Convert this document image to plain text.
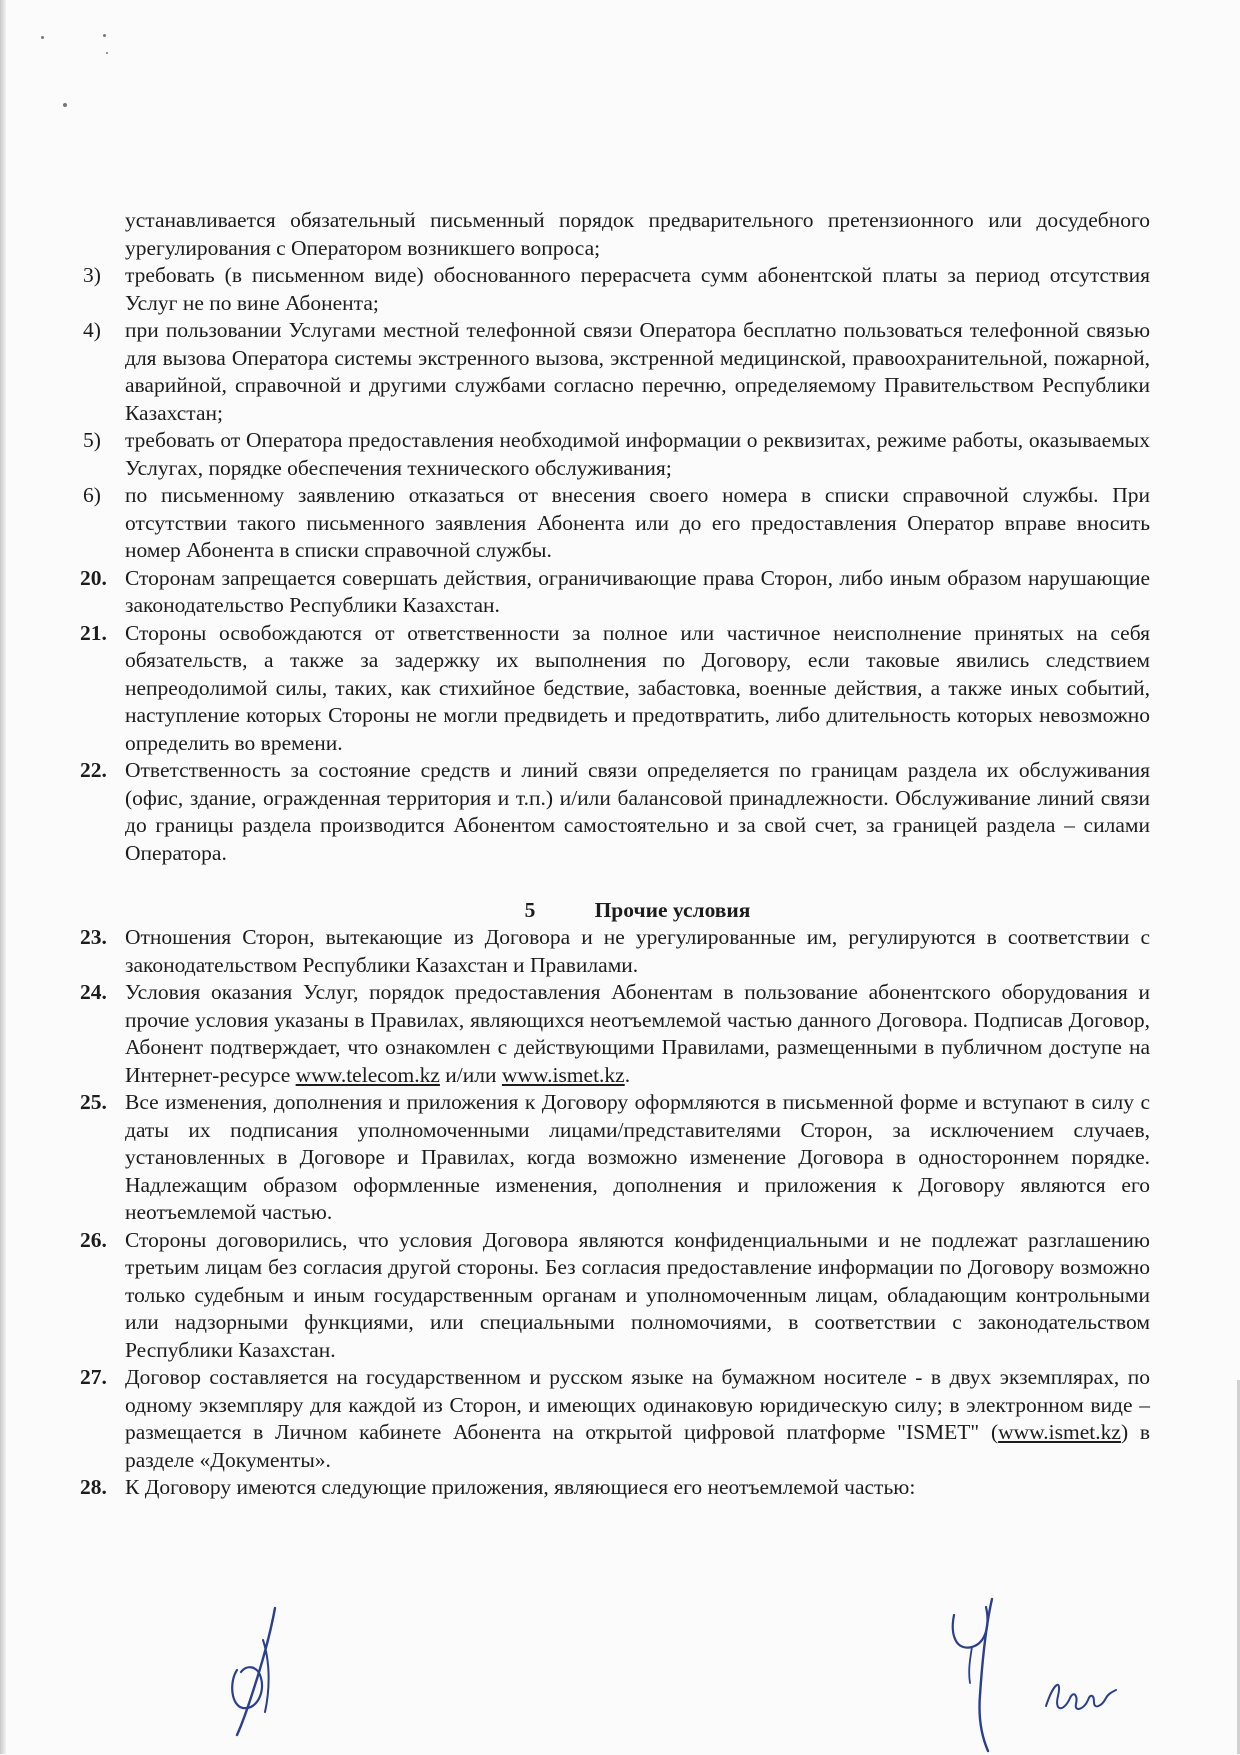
устанавливается обязательный письменный порядок предварительного претензионного или досудебного урегулирования с Оператором возникшего вопроса;

3) требовать (в письменном виде) обоснованного перерасчета сумм абонентской платы за период отсутствия Услуг не по вине Абонента;

4) при пользовании Услугами местной телефонной связи Оператора бесплатно пользоваться телефонной связью для вызова Оператора системы экстренного вызова, экстренной медицинской, правоохранительной, пожарной, аварийной, справочной и другими службами согласно перечню, определяемому Правительством Республики Казахстан;

5) требовать от Оператора предоставления необходимой информации о реквизитах, режиме работы, оказываемых Услугах, порядке обеспечения технического обслуживания;

6) по письменному заявлению отказаться от внесения своего номера в списки справочной службы. При отсутствии такого письменного заявления Абонента или до его предоставления Оператор вправе вносить номер Абонента в списки справочной службы.

20. Сторонам запрещается совершать действия, ограничивающие права Сторон, либо иным образом нарушающие законодательство Республики Казахстан.

21. Стороны освобождаются от ответственности за полное или частичное неисполнение принятых на себя обязательств, а также за задержку их выполнения по Договору, если таковые явились следствием непреодолимой силы, таких, как стихийное бедствие, забастовка, военные действия, а также иных событий, наступление которых Стороны не могли предвидеть и предотвратить, либо длительность которых невозможно определить во времени.

22. Ответственность за состояние средств и линий связи определяется по границам раздела их обслуживания (офис, здание, огражденная территория и т.п.) и/или балансовой принадлежности. Обслуживание линий связи до границы раздела производится Абонентом самостоятельно и за свой счет, за границей раздела – силами Оператора.

5	Прочие условия

23. Отношения Сторон, вытекающие из Договора и не урегулированные им, регулируются в соответствии с законодательством Республики Казахстан и Правилами.

24. Условия оказания Услуг, порядок предоставления Абонентам в пользование абонентского оборудования и прочие условия указаны в Правилах, являющихся неотъемлемой частью данного Договора. Подписав Договор, Абонент подтверждает, что ознакомлен с действующими Правилами, размещенными в публичном доступе на Интернет-ресурсе www.telecom.kz и/или www.ismet.kz.

25. Все изменения, дополнения и приложения к Договору оформляются в письменной форме и вступают в силу с даты их подписания уполномоченными лицами/представителями Сторон, за исключением случаев, установленных в Договоре и Правилах, когда возможно изменение Договора в одностороннем порядке. Надлежащим образом оформленные изменения, дополнения и приложения к Договору являются его неотъемлемой частью.

26. Стороны договорились, что условия Договора являются конфиденциальными и не подлежат разглашению третьим лицам без согласия другой стороны. Без согласия предоставление информации по Договору возможно только судебным и иным государственным органам и уполномоченным лицам, обладающим контрольными или надзорными функциями, или специальными полномочиями, в соответствии с законодательством Республики Казахстан.

27. Договор составляется на государственном и русском языке на бумажном носителе - в двух экземплярах, по одному экземпляру для каждой из Сторон, и имеющих одинаковую юридическую силу; в электронном виде – размещается в Личном кабинете Абонента на открытой цифровой платформе "ISMET" (www.ismet.kz) в разделе «Документы».

28. К Договору имеются следующие приложения, являющиеся его неотъемлемой частью:
